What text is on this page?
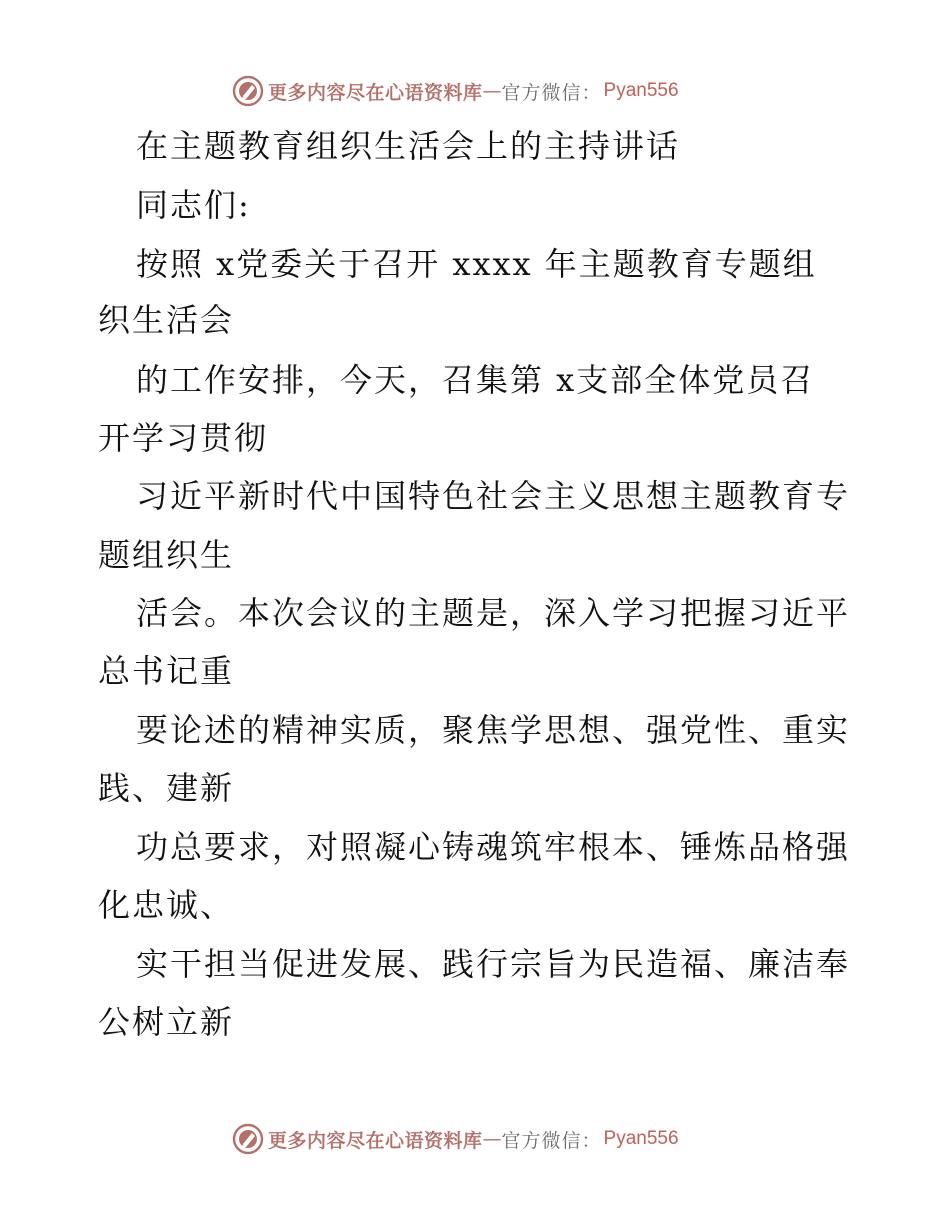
更多内容尽在心语资料库 — 官方微信： Pyan556
在主题教育组织生活会上的主持讲话
同志们:
按照 x党委关于召开 xxxx 年主题教育专题组
织生活会
的工作安排，今天，召集第 x支部全体党员召
开学习贯彻
习近平新时代中国特色社会主义思想主题教育专
题组织生
活会。本次会议的主题是，深入学习把握习近平
总书记重
要论述的精神实质，聚焦学思想、强党性、重实
践、建新
功总要求，对照凝心铸魂筑牢根本、锤炼品格强
化忠诚、
实干担当促进发展、践行宗旨为民造福、廉洁奉
公树立新
更多内容尽在心语资料库 — 官方微信： Pyan556
